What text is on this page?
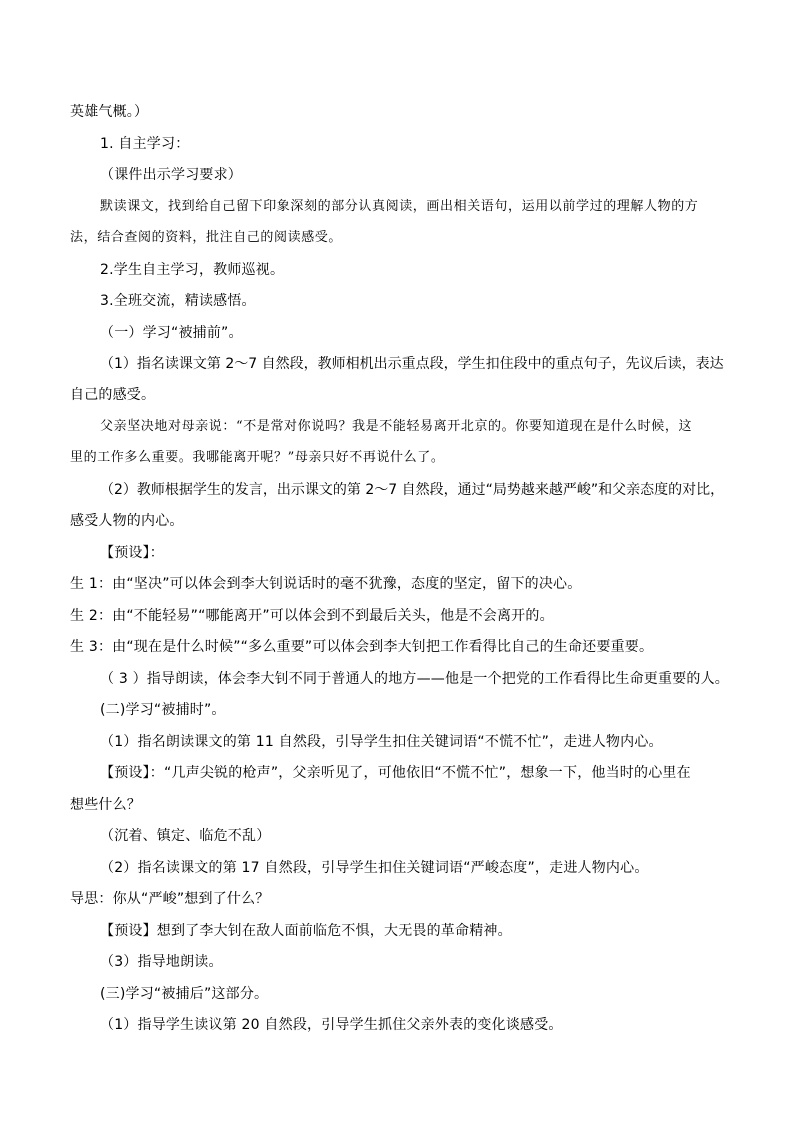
英雄气概。）
1. 自主学习：
（课件出示学习要求）
默读课文，找到给自己留下印象深刻的部分认真阅读，画出相关语句，运用以前学过的理解人物的方
法，结合查阅的资料，批注自己的阅读感受。
2.学生自主学习，教师巡视。
3.全班交流，精读感悟。
（一）学习“被捕前”。
（1）指名读课文第 2～7 自然段，教师相机出示重点段，学生扣住段中的重点句子，先议后读，表达
自己的感受。
父亲坚决地对母亲说：“不是常对你说吗？我是不能轻易离开北京的。你要知道现在是什么时候，这
里的工作多么重要。我哪能离开呢？”母亲只好不再说什么了。
（2）教师根据学生的发言，出示课文的第 2～7 自然段，通过“局势越来越严峻”和父亲态度的对比，
感受人物的内心。
【预设】：
生 1：由“坚决”可以体会到李大钊说话时的毫不犹豫，态度的坚定，留下的决心。
生 2：由“不能轻易”“哪能离开”可以体会到不到最后关头，他是不会离开的。
生 3：由“现在是什么时候”“多么重要”可以体会到李大钊把工作看得比自己的生命还要重要。
（ 3 ）指导朗读，体会李大钊不同于普通人的地方——他是一个把党的工作看得比生命更重要的人。
(二)学习“被捕时”。
（1）指名朗读课文的第 11 自然段，引导学生扣住关键词语“不慌不忙”，走进人物内心。
【预设】：“几声尖锐的枪声”，父亲听见了，可他依旧“不慌不忙”，想象一下，他当时的心里在
想些什么？
（沉着、镇定、临危不乱）
（2）指名读课文的第 17 自然段，引导学生扣住关键词语“严峻态度”，走进人物内心。
导思：你从“严峻”想到了什么？
【预设】想到了李大钊在敌人面前临危不惧，大无畏的革命精神。
（3）指导地朗读。
(三)学习“被捕后”这部分。
（1）指导学生读议第 20 自然段，引导学生抓住父亲外表的变化谈感受。
